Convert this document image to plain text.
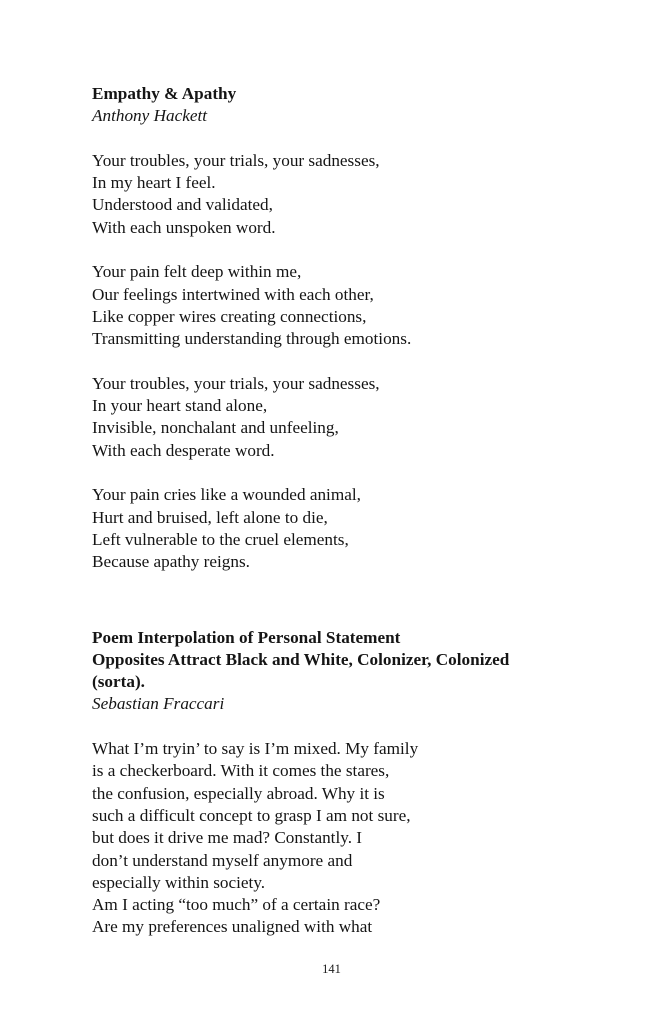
Empathy & Apathy
Anthony Hackett
Your troubles, your trials, your sadnesses,
In my heart I feel.
Understood and validated,
With each unspoken word.
Your pain felt deep within me,
Our feelings intertwined with each other,
Like copper wires creating connections,
Transmitting understanding through emotions.
Your troubles, your trials, your sadnesses,
In your heart stand alone,
Invisible, nonchalant and unfeeling,
With each desperate word.
Your pain cries like a wounded animal,
Hurt and bruised, left alone to die,
Left vulnerable to the cruel elements,
Because apathy reigns.
Poem Interpolation of Personal Statement
Opposites Attract Black and White, Colonizer, Colonized
(sorta).
Sebastian Fraccari
What I’m tryin’ to say is I’m mixed. My family
is a checkerboard. With it comes the stares,
the confusion, especially abroad. Why it is
such a difficult concept to grasp I am not sure,
but does it drive me mad? Constantly. I
don’t understand myself anymore and
especially within society.
Am I acting “too much” of a certain race?
Are my preferences unaligned with what
141
